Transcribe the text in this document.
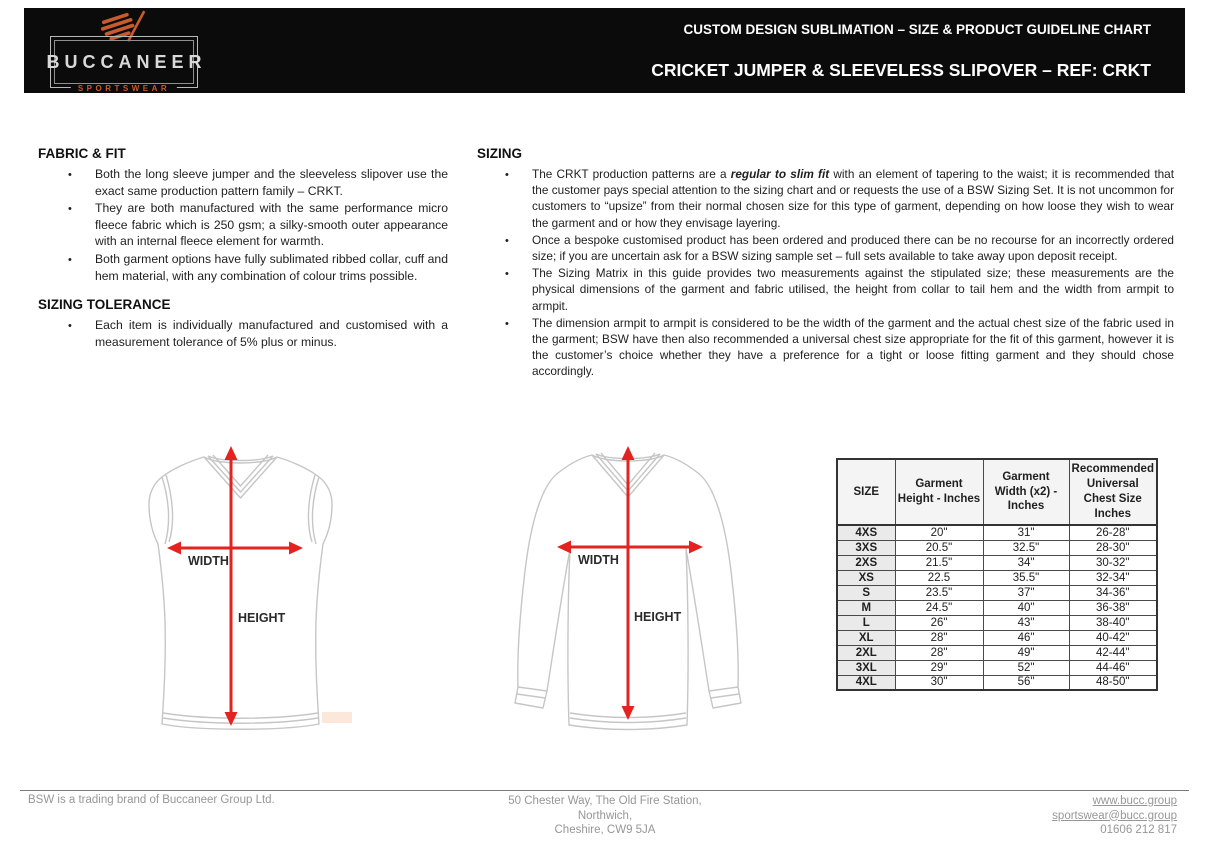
BUCCANEER
SPORTSWEAR
CUSTOM DESIGN SUBLIMATION – SIZE & PRODUCT GUIDELINE CHART
CRICKET JUMPER & SLEEVELESS SLIPOVER – REF: CRKT
FABRIC & FIT
•
Both the long sleeve jumper and the sleeveless slipover use the exact same production pattern family – CRKT.
•
They are both manufactured with the same performance micro fleece fabric which is 250 gsm; a silky-smooth outer appearance with an internal fleece element for warmth.
•
Both garment options have fully sublimated ribbed collar, cuff and hem material, with any combination of colour trims possible.
SIZING TOLERANCE
•
Each item is individually manufactured and customised with a measurement tolerance of 5% plus or minus.
SIZING
•
The CRKT production patterns are a regular to slim fit with an element of tapering to the waist; it is recommended that the customer pays special attention to the sizing chart and or requests the use of a BSW Sizing Set. It is not uncommon for customers to “upsize” from their normal chosen size for this type of garment, depending on how loose they wish to wear the garment and or how they envisage layering.
•
Once a bespoke customised product has been ordered and produced there can be no recourse for an incorrectly ordered size; if you are uncertain ask for a BSW sizing sample set – full sets available to take away upon deposit receipt.
•
The Sizing Matrix in this guide provides two measurements against the stipulated size; these measurements are the physical dimensions of the garment and fabric utilised, the height from collar to tail hem and the width from armpit to armpit.
•
The dimension armpit to armpit is considered to be the width of the garment and the actual chest size of the fabric used in the garment; BSW have then also recommended a universal chest size appropriate for the fit of this garment, however it is the customer’s choice whether they have a preference for a tight or loose fitting garment and they should chose accordingly.
WIDTH
HEIGHT
WIDTH
HEIGHT
SIZE	Garment Height - Inches	Garment Width (x2) - Inches	Recommended Universal Chest Size Inches
4XS	20"	31"	26-28"
3XS	20.5"	32.5"	28-30"
2XS	21.5"	34"	30-32"
XS	22.5	35.5"	32-34"
S	23.5"	37"	34-36"
M	24.5"	40"	36-38"
L	26"	43"	38-40"
XL	28"	46"	40-42"
2XL	28"	49"	42-44"
3XL	29"	52"	44-46"
4XL	30"	56"	48-50"
BSW is a trading brand of Buccaneer Group Ltd.	50 Chester Way, The Old Fire Station,
Northwich,
Cheshire, CW9 5JA
www.bucc.group
sportswear@bucc.group
01606 212 817
